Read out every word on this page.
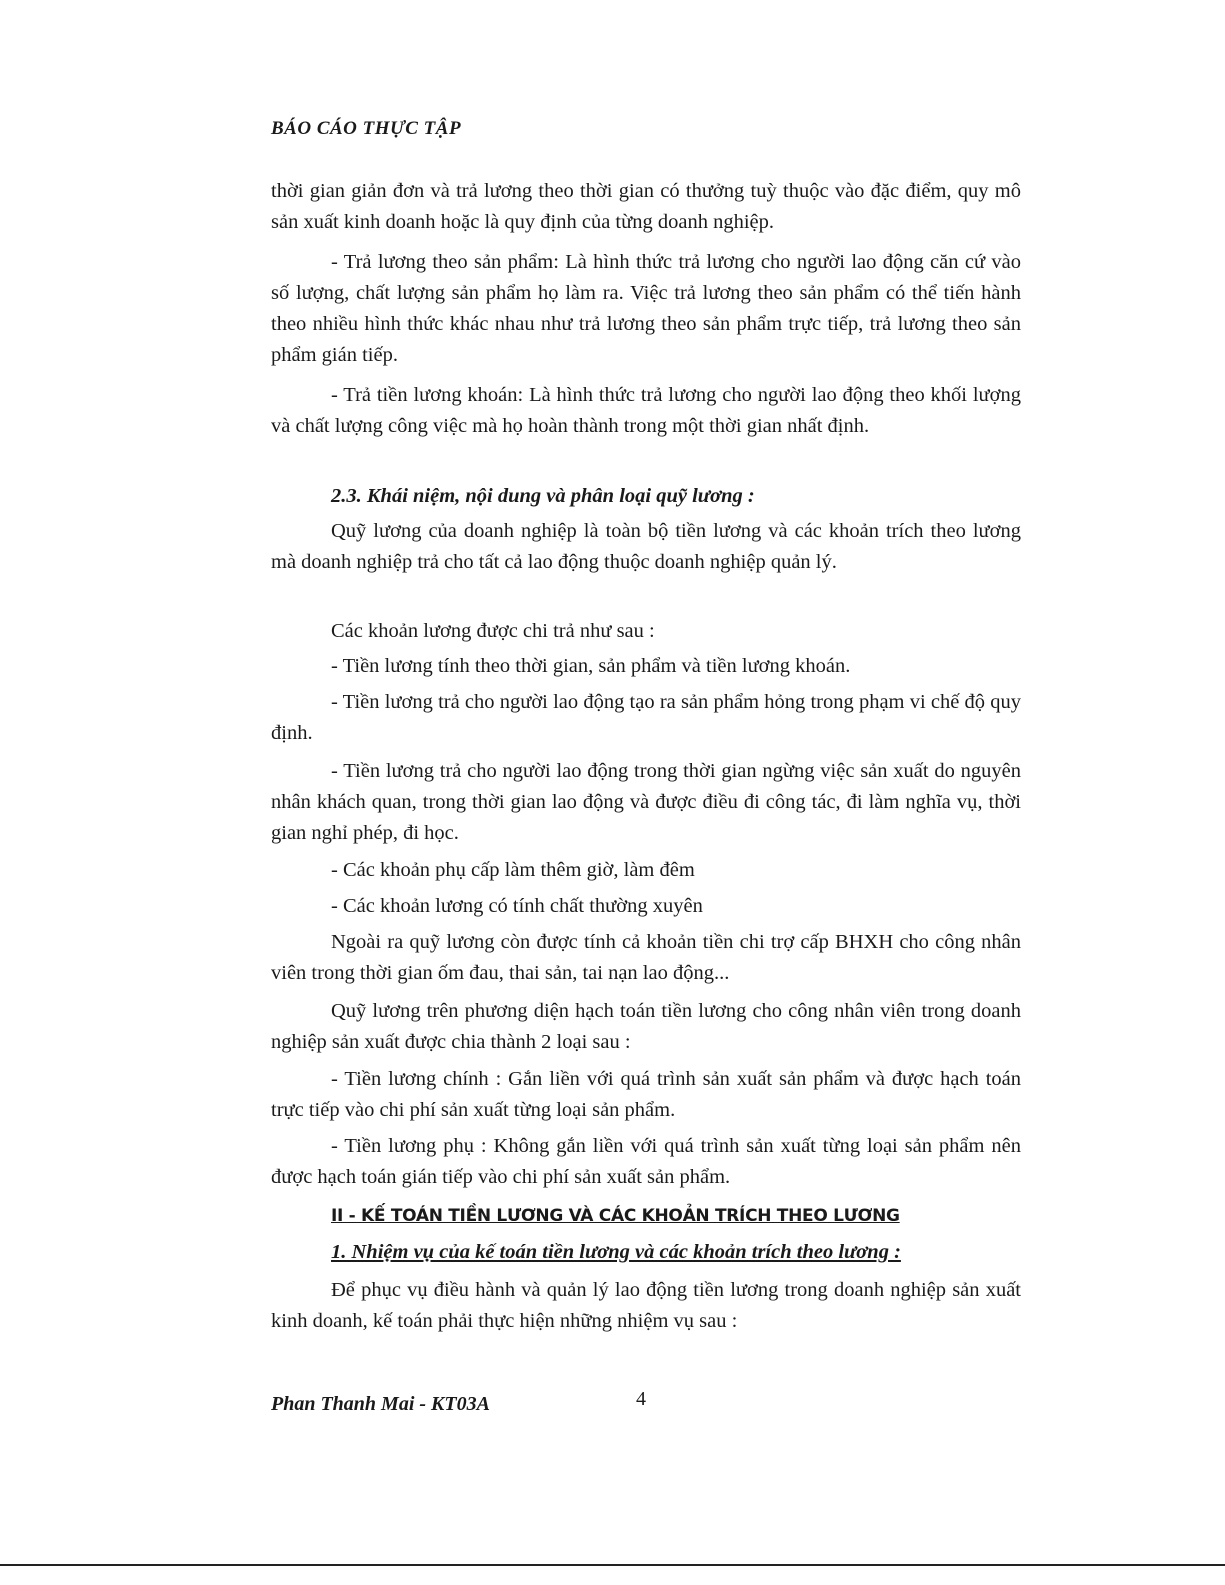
BÁO CÁO THỰC TẬP

thời gian giản đơn và trả lương theo thời gian có thưởng tuỳ thuộc vào đặc điểm, quy mô sản xuất kinh doanh hoặc là quy định của từng doanh nghiệp.

- Trả lương theo sản phẩm: Là hình thức trả lương cho người lao động căn cứ vào số lượng, chất lượng sản phẩm họ làm ra. Việc trả lương theo sản phẩm có thể tiến hành theo nhiều hình thức khác nhau như trả lương theo sản phẩm trực tiếp, trả lương theo sản phẩm gián tiếp.

- Trả tiền lương khoán: Là hình thức trả lương cho người lao động theo khối lượng và chất lượng công việc mà họ hoàn thành trong một thời gian nhất định.

2.3. Khái niệm, nội dung và phân loại quỹ lương :

Quỹ lương của doanh nghiệp là toàn bộ tiền lương và các khoản trích theo lương mà doanh nghiệp trả cho tất cả lao động thuộc doanh nghiệp quản lý.

Các khoản lương được chi trả như sau :

- Tiền lương tính theo thời gian, sản phẩm và tiền lương khoán.

- Tiền lương trả cho người lao động tạo ra sản phẩm hỏng trong phạm vi chế độ quy định.

- Tiền lương trả cho người lao động trong thời gian ngừng việc sản xuất do nguyên nhân khách quan, trong thời gian lao động và được điều đi công tác, đi làm nghĩa vụ, thời gian nghỉ phép, đi học.

- Các khoản phụ cấp làm thêm giờ, làm đêm

- Các khoản lương có tính chất thường xuyên

Ngoài ra quỹ lương còn được tính cả khoản tiền chi trợ cấp BHXH cho công nhân viên trong thời gian ốm đau, thai sản, tai nạn lao động...

Quỹ lương trên phương diện hạch toán tiền lương cho công nhân viên trong doanh nghiệp sản xuất được chia thành 2 loại sau :

- Tiền lương chính : Gắn liền với quá trình sản xuất sản phẩm và được hạch toán trực tiếp vào chi phí sản xuất từng loại sản phẩm.

- Tiền lương phụ : Không gắn liền với quá trình sản xuất từng loại sản phẩm nên được hạch toán gián tiếp vào chi phí sản xuất sản phẩm.

II - KẾ TOÁN TIỀN LƯƠNG VÀ CÁC KHOẢN TRÍCH THEO LƯƠNG

1. Nhiệm vụ của kế toán tiền lương và các khoản trích theo lương :

Để phục vụ điều hành và quản lý lao động tiền lương trong doanh nghiệp sản xuất kinh doanh, kế toán phải thực hiện những nhiệm vụ sau :

Phan Thanh Mai - KT03A	4
